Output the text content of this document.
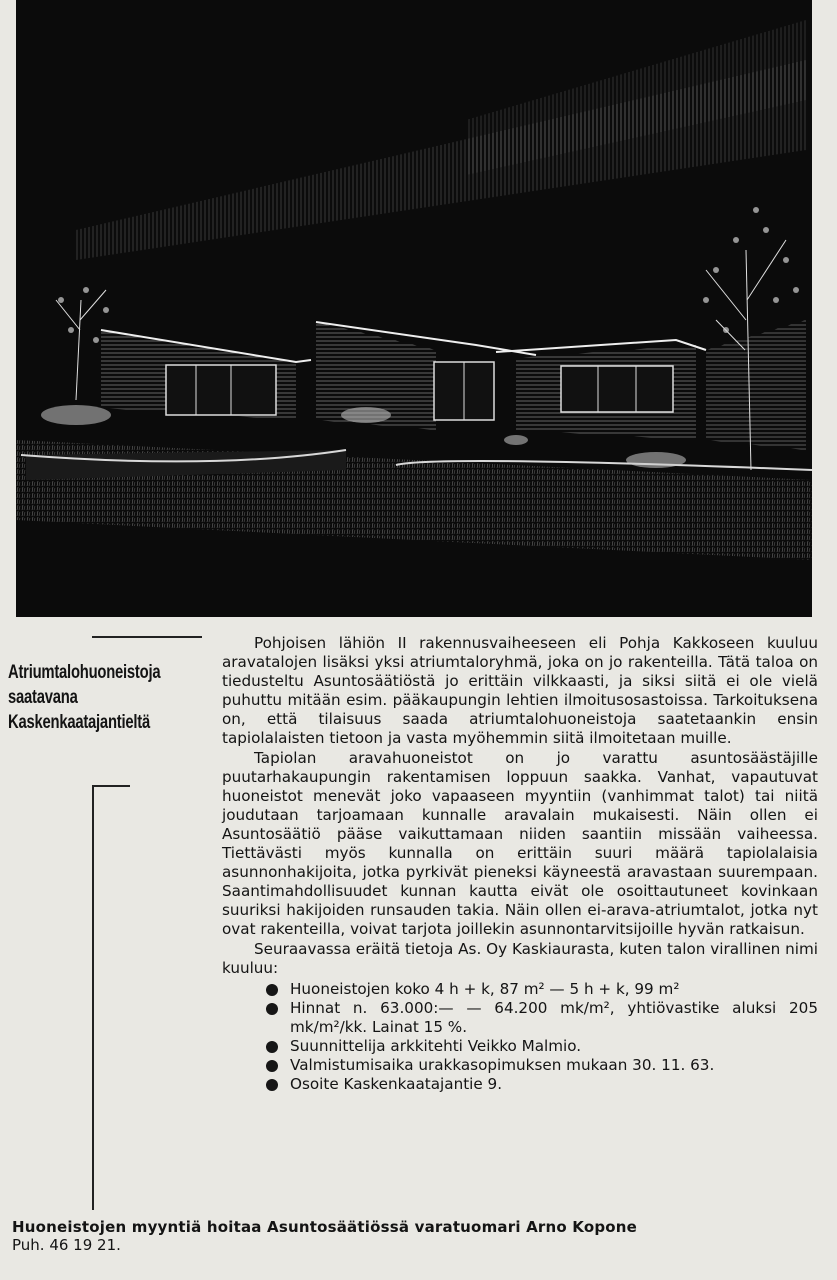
Atriumtalohuoneistoja
saatavana
Kaskenkaatajantieltä

Pohjoisen lähiön II rakennusvaiheeseen eli Pohja Kakkoseen kuuluu aravatalojen lisäksi yksi atriumtaloryhmä, joka on jo rakenteilla. Tätä taloa on tiedusteltu Asuntosäätiöstä jo erittäin vilkkaasti, ja siksi siitä ei ole vielä puhuttu mitään esim. pääkaupungin lehtien ilmoitusosastoissa. Tarkoituksena on, että tilaisuus saada atriumtalohuoneistoja saatetaankin ensin tapiolalaisten tietoon ja vasta myöhemmin siitä ilmoitetaan muille.

Tapiolan aravahuoneistot on jo varattu asuntosäästäjille puutarhakaupungin rakentamisen loppuun saakka. Vanhat, vapautuvat huoneistot menevät joko vapaaseen myyntiin (vanhimmat talot) tai niitä joudutaan tarjoamaan kunnalle aravalain mukaisesti. Näin ollen ei Asuntosäätiö pääse vaikuttamaan niiden saantiin missään vaiheessa. Tiettävästi myös kunnalla on erittäin suuri määrä tapiolalaisia asunnonhakijoita, jotka pyrkivät pieneksi käyneestä aravastaan suurempaan. Saantimahdollisuudet kunnan kautta eivät ole osoittautuneet kovinkaan suuriksi hakijoiden runsauden takia. Näin ollen ei-arava-atriumtalot, jotka nyt ovat rakenteilla, voivat tarjota joillekin asunnontarvitsijoille hyvän ratkaisun.

Seuraavassa eräitä tietoja As. Oy Kaskiaurasta, kuten talon virallinen nimi kuuluu:

Huoneistojen koko 4 h + k, 87 m² — 5 h + k, 99 m²
Hinnat n. 63.000:— — 64.200 mk/m², yhtiövastike aluksi 205 mk/m²/kk. Lainat 15 %.
Suunnittelija arkkitehti Veikko Malmio.
Valmistumisaika urakkasopimuksen mukaan 30. 11. 63.
Osoite Kaskenkaatajantie 9.
Huoneistojen myyntiä hoitaa Asuntosäätiössä varatuomari Arno Kopone
Puh. 46 19 21.
